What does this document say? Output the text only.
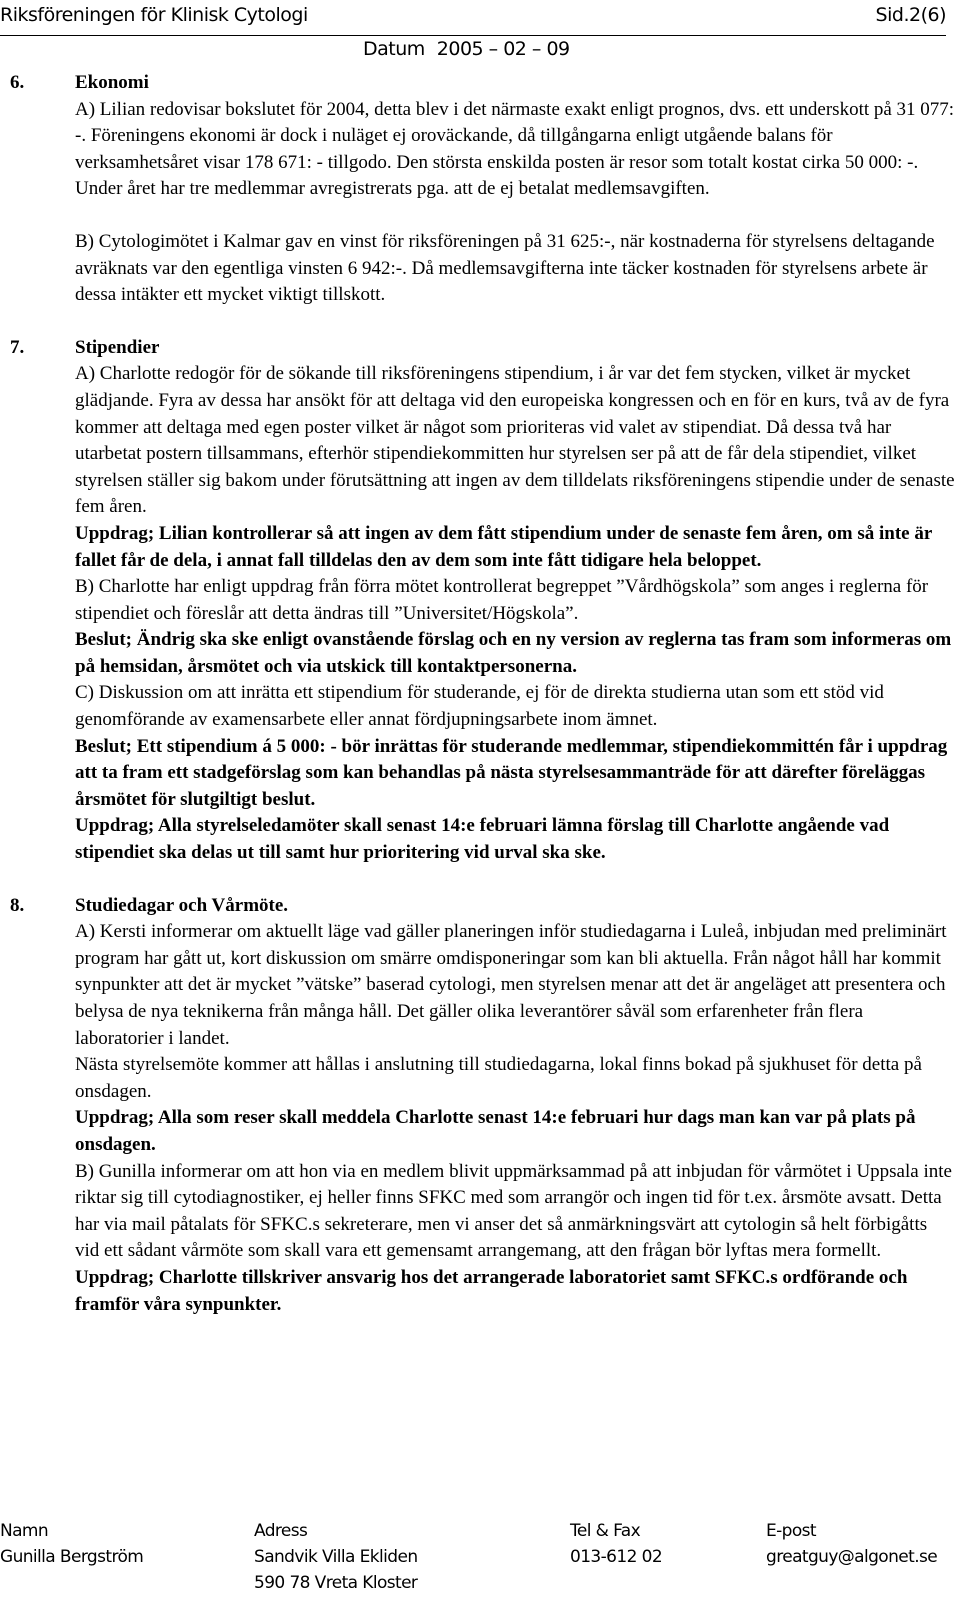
Riksföreningen för Klinisk Cytologi	Sid.2(6)
Datum 2005 – 02 – 09
6.	Ekonomi

A) Lilian redovisar bokslutet för 2004, detta blev i det närmaste exakt enligt prognos, dvs. ett underskott på 31 077: -. Föreningens ekonomi är dock i nuläget ej oroväckande, då tillgångarna enligt utgående balans för verksamhetsåret visar 178 671: - tillgodo. Den största enskilda posten är resor som totalt kostat cirka 50 000: -. Under året har tre medlemmar avregistrerats pga. att de ej betalat medlemsavgiften.

B) Cytologimötet i Kalmar gav en vinst för riksföreningen på 31 625:-, när kostnaderna för styrelsens deltagande avräknats var den egentliga vinsten 6 942:-. Då medlemsavgifterna inte täcker kostnaden för styrelsens arbete är dessa intäkter ett mycket viktigt tillskott.

7.	Stipendier

A) Charlotte redogör för de sökande till riksföreningens stipendium, i år var det fem stycken, vilket är mycket glädjande. Fyra av dessa har ansökt för att deltaga vid den europeiska kongressen och en för en kurs, två av de fyra kommer att deltaga med egen poster vilket är något som prioriteras vid valet av stipendiat. Då dessa två har utarbetat postern tillsammans, efterhör stipendiekommitten hur styrelsen ser på att de får dela stipendiet, vilket styrelsen ställer sig bakom under förutsättning att ingen av dem tilldelats riksföreningens stipendie under de senaste fem åren.

Uppdrag; Lilian kontrollerar så att ingen av dem fått stipendium under de senaste fem åren, om så inte är fallet får de dela, i annat fall tilldelas den av dem som inte fått tidigare hela beloppet.

B) Charlotte har enligt uppdrag från förra mötet kontrollerat begreppet ”Vårdhögskola” som anges i reglerna för stipendiet och föreslår att detta ändras till ”Universitet/Högskola”.

Beslut; Ändrig ska ske enligt ovanstående förslag och en ny version av reglerna tas fram som informeras om på hemsidan, årsmötet och via utskick till kontaktpersonerna.

C) Diskussion om att inrätta ett stipendium för studerande, ej för de direkta studierna utan som ett stöd vid genomförande av examensarbete eller annat fördjupningsarbete inom ämnet.

Beslut; Ett stipendium á 5 000: - bör inrättas för studerande medlemmar, stipendiekommittén får i uppdrag att ta fram ett stadgeförslag som kan behandlas på nästa styrelsesammanträde för att därefter föreläggas årsmötet för slutgiltigt beslut.

Uppdrag; Alla styrelseledamöter skall senast 14:e februari lämna förslag till Charlotte angående vad stipendiet ska delas ut till samt hur prioritering vid urval ska ske.

8.	Studiedagar och Vårmöte.

A) Kersti informerar om aktuellt läge vad gäller planeringen inför studiedagarna i Luleå, inbjudan med preliminärt program har gått ut, kort diskussion om smärre omdisponeringar som kan bli aktuella. Från något håll har kommit synpunkter att det är mycket ”vätske” baserad cytologi, men styrelsen menar att det är angeläget att presentera och belysa de nya teknikerna från många håll. Det gäller olika leverantörer såväl som erfarenheter från flera laboratorier i landet.

Nästa styrelsemöte kommer att hållas i anslutning till studiedagarna, lokal finns bokad på sjukhuset för detta på onsdagen.

Uppdrag; Alla som reser skall meddela Charlotte senast 14:e februari hur dags man kan var på plats på onsdagen.

B) Gunilla informerar om att hon via en medlem blivit uppmärksammad på att inbjudan för vårmötet i Uppsala inte riktar sig till cytodiagnostiker, ej heller finns SFKC med som arrangör och ingen tid för t.ex. årsmöte avsatt. Detta har via mail påtalats för SFKC.s sekreterare, men vi anser det så anmärkningsvärt att cytologin så helt förbigåtts vid ett sådant vårmöte som skall vara ett gemensamt arrangemang, att den frågan bör lyftas mera formellt.

Uppdrag; Charlotte tillskriver ansvarig hos det arrangerade laboratoriet samt SFKC.s ordförande och framför våra synpunkter.

Namn	Adress	Tel & Fax	E-post
Gunilla Bergström	Sandvik Villa Ekliden	013-612 02	greatguy@algonet.se
590 78 Vreta Kloster
